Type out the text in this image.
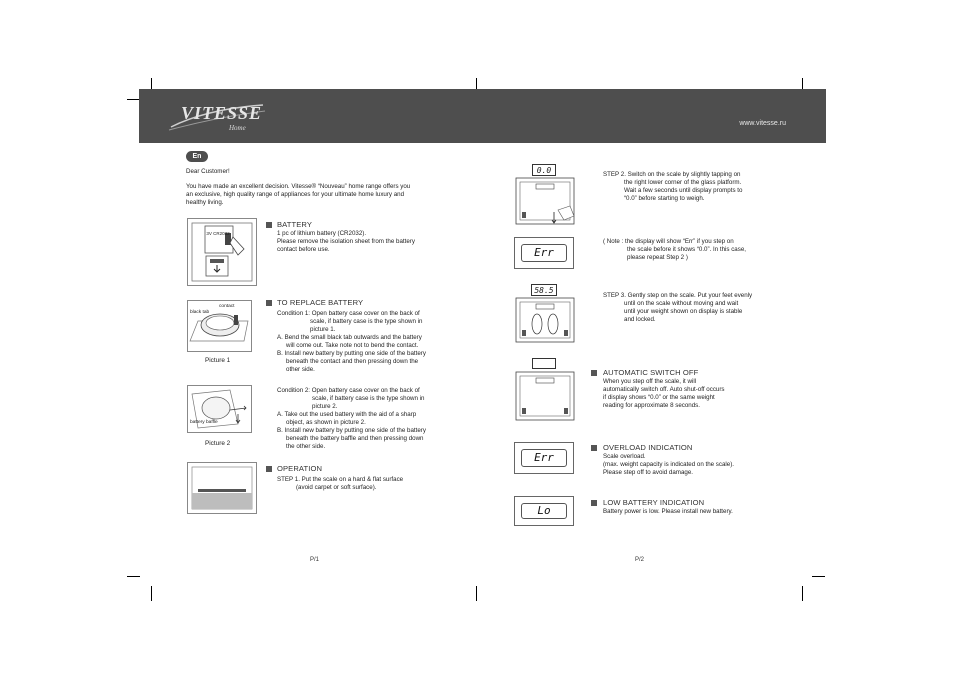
VITESSE
Home
www.vitesse.ru
En
Dear Customer!
You have made an excellent decision. Vitesse® “Nouveau” home range offers you
an exclusive, high quality range of appliances for your ultimate home luxury and
healthy living.
3V CR2032
BATTERY
1 pc of lithium battery (CR2032).
Please remove the isolation sheet from the battery
contact before use.
black tab
contact
Picture 1
TO REPLACE BATTERY
Condition 1: Open battery case cover on the back of
scale, if battery case is the type shown in
picture 1.
A. Bend the small black tab outwards and the battery
will come out. Take note not to bend the contact.
B. Install new battery by putting one side of the battery
beneath the contact and then pressing down the
other side.
battery baffle
Picture 2
Condition 2: Open battery case cover on the back of
scale, if battery case is the type shown in
picture 2.
A. Take out the used battery with the aid of a sharp
object, as shown in picture 2.
B. Install new battery by putting one side of the battery
beneath the battery baffle and then pressing down
the other side.
OPERATION
STEP 1. Put the scale on a hard & flat surface
(avoid carpet or soft surface).
P/1
0.0	STEP 2. Switch on the scale by slightly tapping on
the right lower corner of the glass platform.
Wait a few seconds until display prompts to
“0.0” before starting to weigh.
Err
( Note : the display will show “Err” if you step on
the scale before it shows “0.0”. In this case,
please repeat Step 2 )
58.5
STEP 3. Gently step on the scale. Put your feet evenly
until on the scale without moving and wait
until your weight shown on display is stable
and locked.
AUTOMATIC SWITCH OFF
When you step off the scale, it will
automatically switch off. Auto shut-off occurs
if display shows “0.0” or the same weight
reading for approximate 8 seconds.
Err
OVERLOAD INDICATION
Scale overload.
(max. weight capacity is indicated on the scale).
Please step off to avoid damage.
Lo
LOW BATTERY INDICATION
Battery power is low. Please install new battery.
P/2
